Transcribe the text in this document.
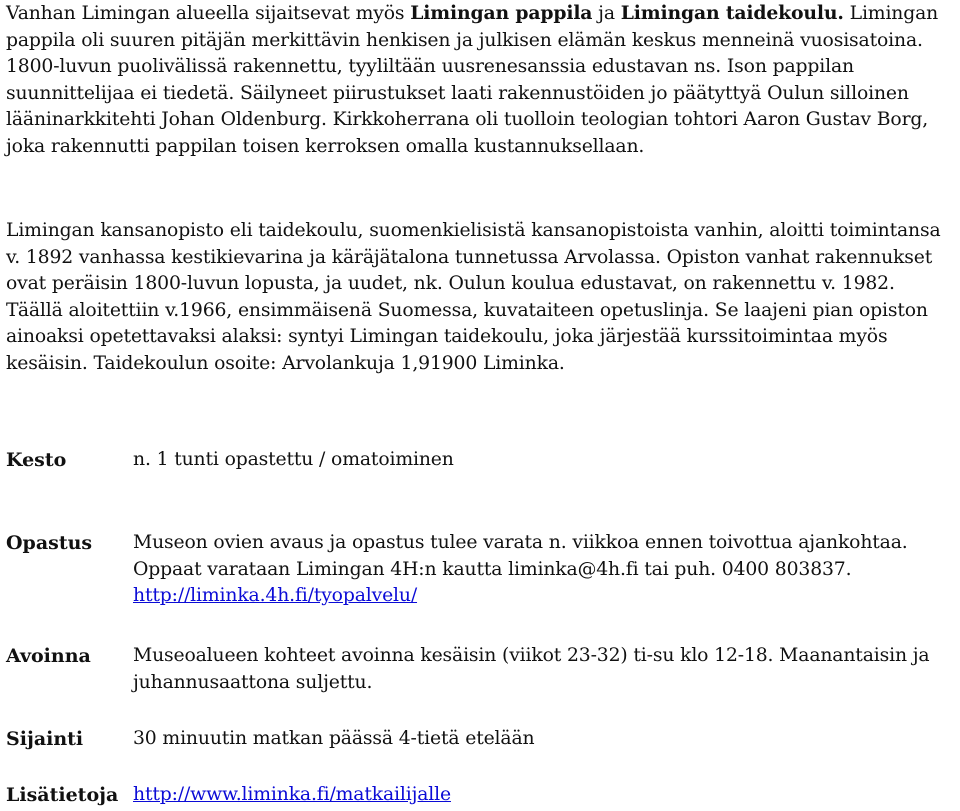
Vanhan Limingan alueella sijaitsevat myös Limingan pappila ja Limingan taidekoulu. Limingan pappila oli suuren pitäjän merkittävin henkisen ja julkisen elämän keskus menneinä vuosisatoina. 1800-luvun puolivälissä rakennettu, tyyliltään uusrenesanssia edustavan ns. Ison pappilan suunnittelijaa ei tiedetä. Säilyneet piirustukset laati rakennustöiden jo päätyttyä Oulun silloinen lääninarkkitehti Johan Oldenburg. Kirkkoherrana oli tuolloin teologian tohtori Aaron Gustav Borg, joka rakennutti pappilan toisen kerroksen omalla kustannuksellaan.

Limingan kansanopisto eli taidekoulu, suomenkielisistä kansanopistoista vanhin, aloitti toimintansa v. 1892 vanhassa kestikievarina ja käräjätalona tunnetussa Arvolassa. Opiston vanhat rakennukset ovat peräisin 1800-luvun lopusta, ja uudet, nk. Oulun koulua edustavat, on rakennettu v. 1982. Täällä aloitettiin v.1966, ensimmäisenä Suomessa, kuvataiteen opetuslinja. Se laajeni pian opiston ainoaksi opetettavaksi alaksi: syntyi Limingan taidekoulu, joka järjestää kurssitoimintaa myös kesäisin. Taidekoulun osoite: Arvolankuja 1,91900 Liminka.

Kesto	n. 1 tunti opastettu / omatoiminen
Opastus Museon ovien avaus ja opastus tulee varata n. viikkoa ennen toivottua ajankohtaa. Oppaat varataan Limingan 4H:n kautta liminka@4h.fi tai puh. 0400 803837.
http://liminka.4h.fi/tyopalvelu/
Avoinna Museoalueen kohteet avoinna kesäisin (viikot 23-32) ti-su klo 12-18. Maanantaisin ja juhannusaattona suljettu.
Sijainti	30 minuutin matkan päässä 4-tietä etelään
Lisätietoja http://www.liminka.fi/matkailijalle
